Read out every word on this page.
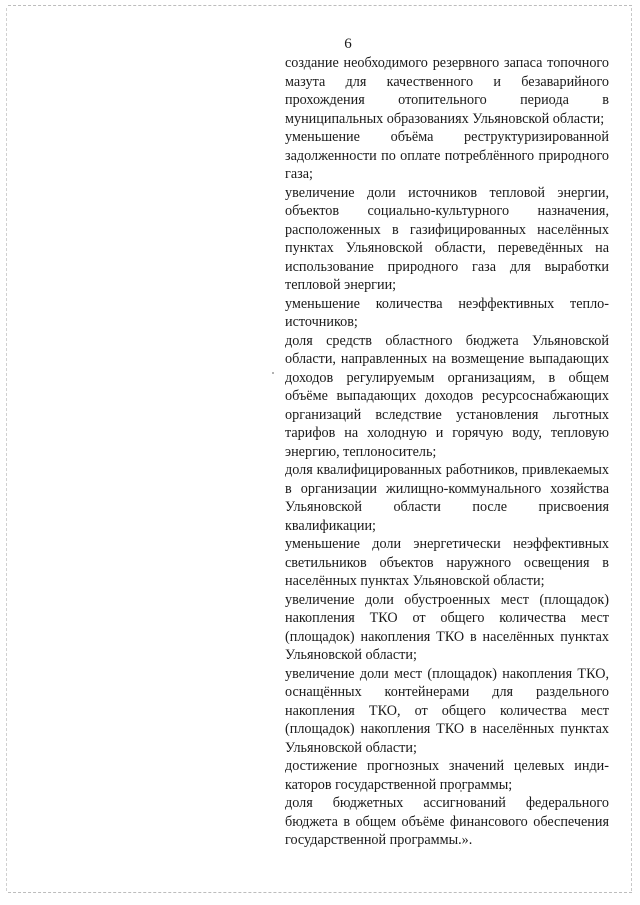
6

создание необходимого резервного запаса топочного мазута для качественного и безаварийного прохождения отопительного периода в муниципальных образованиях Ульяновской области;

уменьшение объёма реструктуризированной задолженности по оплате потреблённого природного газа;

увеличение доли источников тепловой энергии, объектов социально-культурного назначения, расположенных в газифицированных населённых пунктах Ульяновской области, переведённых на использование природного газа для выработки тепловой энергии;

уменьшение количества неэффективных теплоисточников;

доля средств областного бюджета Ульяновской области, направленных на возмещение выпадающих доходов регулируемым организациям, в общем объёме выпадающих доходов ресурсоснабжающих организаций вследствие установления льготных тарифов на холодную и горячую воду, тепловую энергию, теплоноситель;

доля квалифицированных работников, привлекаемых в организации жилищно-коммунального хозяйства Ульяновской области после присвоения квалификации;

уменьшение доли энергетически неэффективных светильников объектов наружного освещения в населённых пунктах Ульяновской области;

увеличение доли обустроенных мест (площадок) накопления ТКО от общего количества мест (площадок) накопления ТКО в населённых пунктах Ульяновской области;

увеличение доли мест (площадок) накопления ТКО, оснащённых контейнерами для раздельного накопления ТКО, от общего количества мест (площадок) накопления ТКО в населённых пунктах Ульяновской области;

достижение прогнозных значений целевых индикаторов государственной программы;

доля бюджетных ассигнований федерального бюджета в общем объёме финансового обеспечения государственной программы.».
